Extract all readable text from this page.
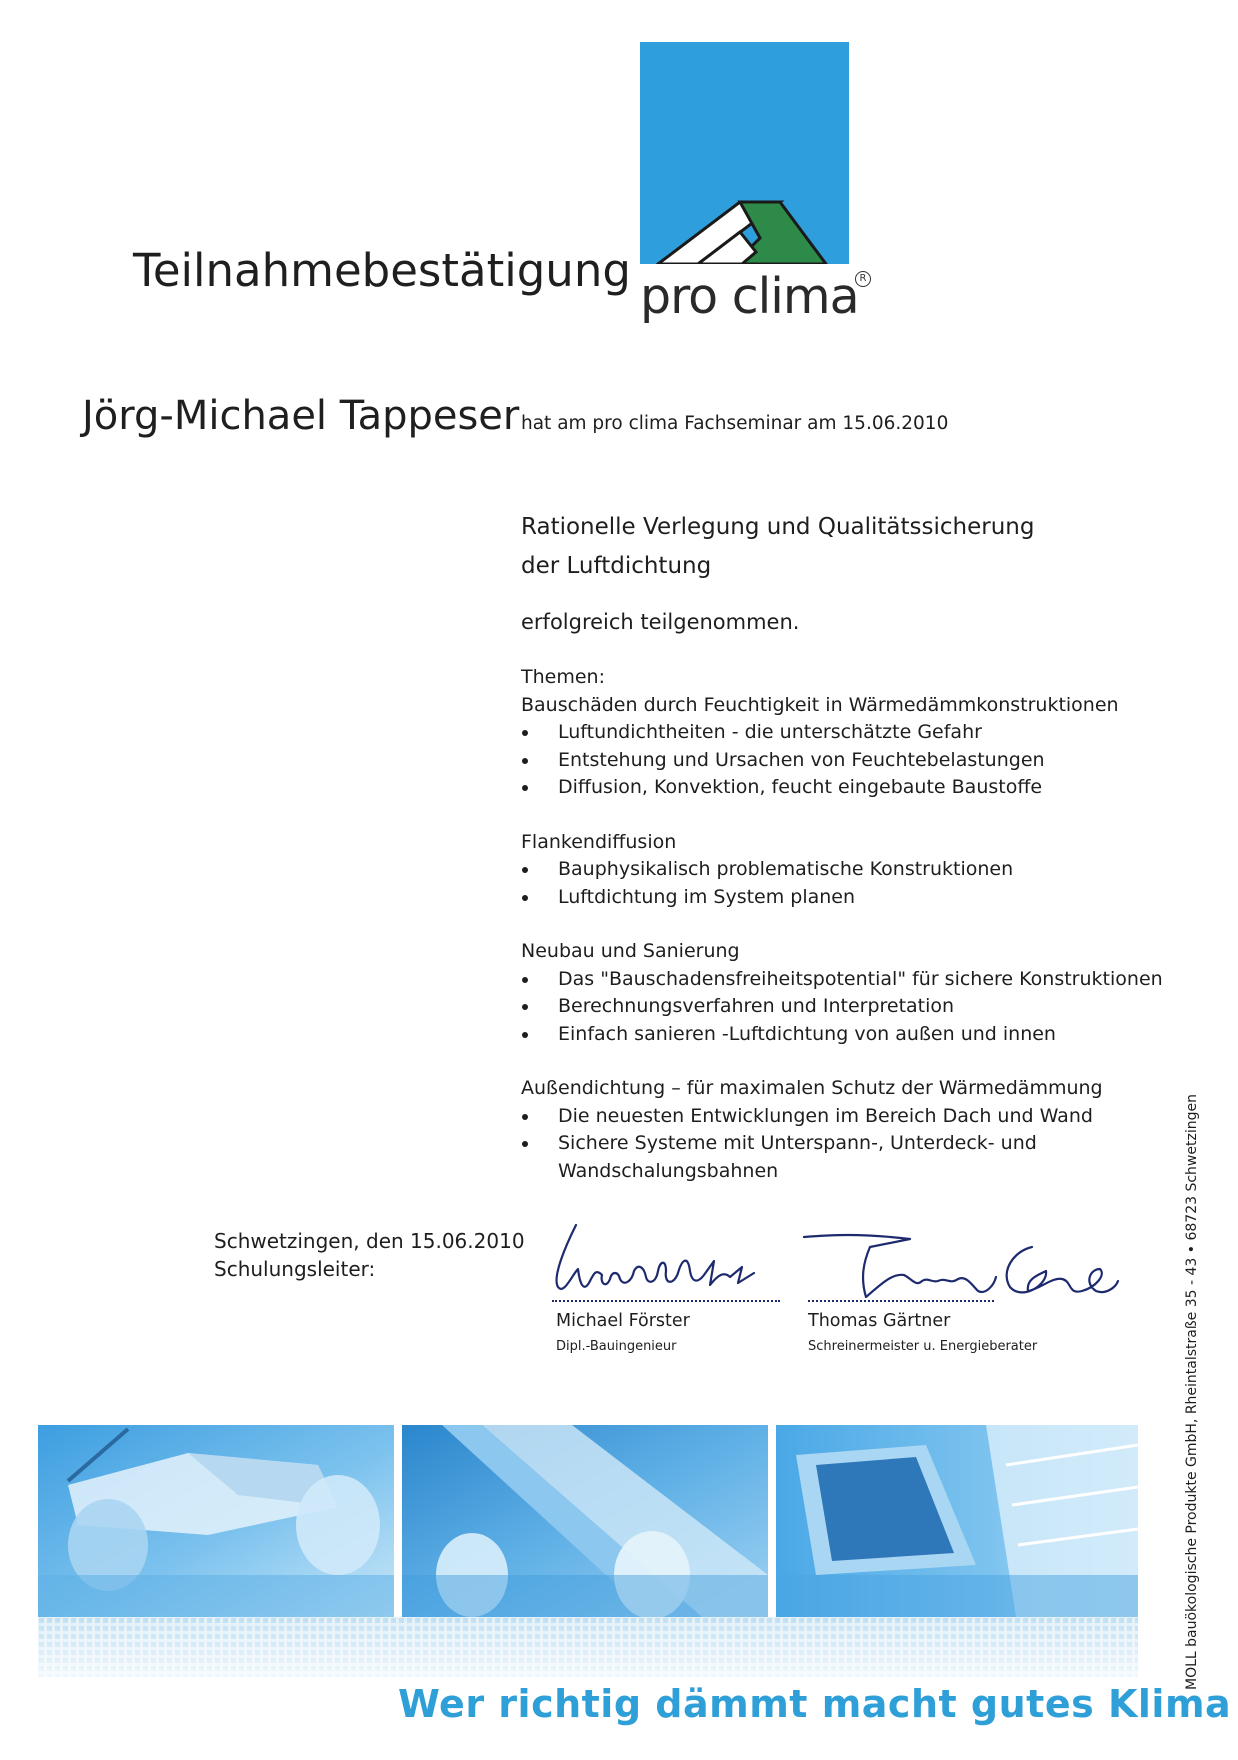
pro clima R
Teilnahmebestätigung
Jörg-Michael Tappeser hat am pro clima Fachseminar am 15.06.2010
Rationelle Verlegung und Qualitätssicherung
der Luftdichtung
erfolgreich teilgenommen.
Themen:
Bauschäden durch Feuchtigkeit in Wärmedämmkonstruktionen
Luftundichtheiten - die unterschätzte Gefahr
Entstehung und Ursachen von Feuchtebelastungen
Diffusion, Konvektion, feucht eingebaute Baustoffe
Flankendiffusion
Bauphysikalisch problematische Konstruktionen
Luftdichtung im System planen
Neubau und Sanierung
Das "Bauschadensfreiheitspotential" für sichere Konstruktionen
Berechnungsverfahren und Interpretation
Einfach sanieren -Luftdichtung von außen und innen
Außendichtung – für maximalen Schutz der Wärmedämmung
Die neuesten Entwicklungen im Bereich Dach und Wand
Sichere Systeme mit Unterspann-, Unterdeck- und
Wandschalungsbahnen
Schwetzingen, den 15.06.2010
Schulungsleiter:
Michael Förster
Dipl.-Bauingenieur
Thomas Gärtner
Schreinermeister u. Energieberater	MOLL bauökologische Produkte GmbH, Rheintalstraße 35 - 43 • 68723 Schwetzingen
Wer richtig dämmt macht gutes Klima
